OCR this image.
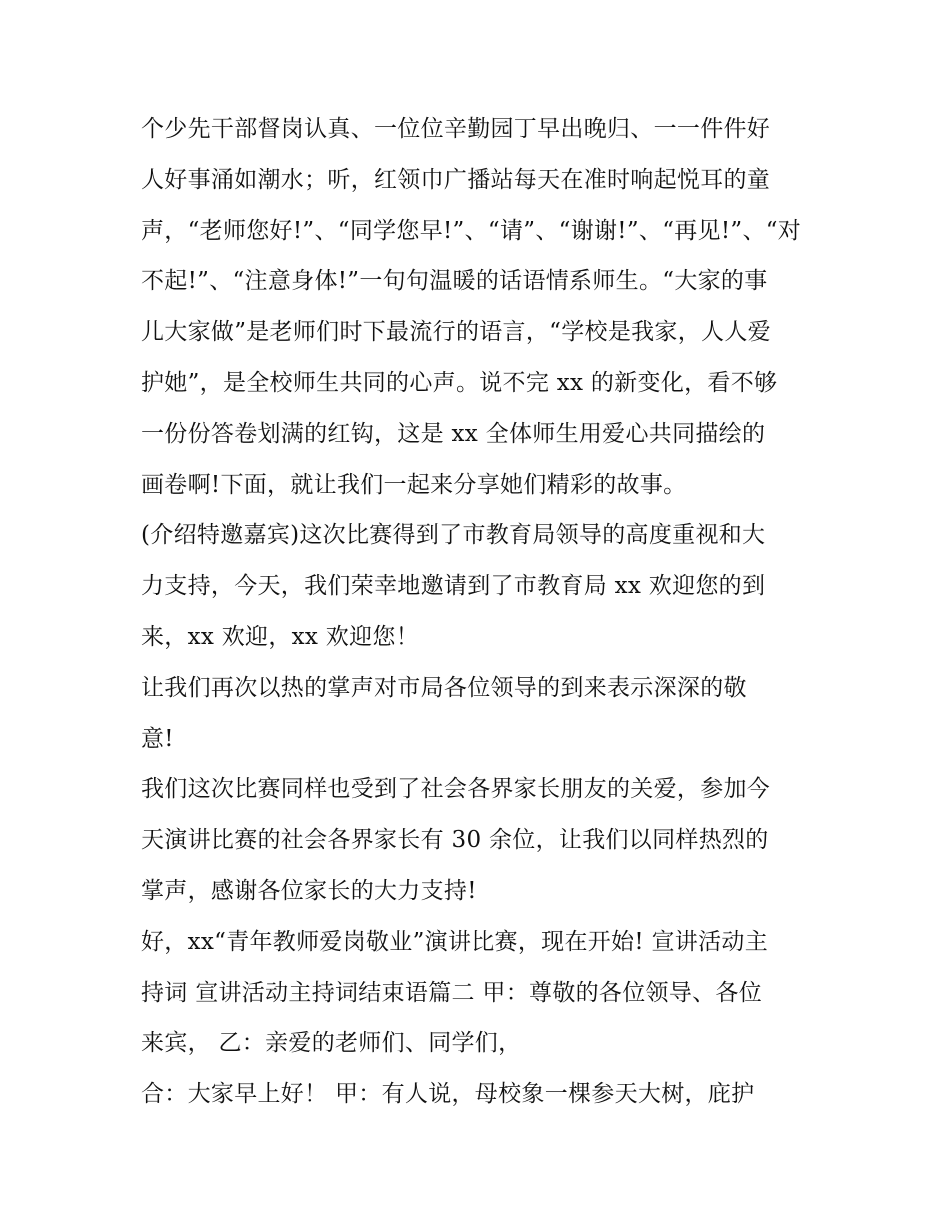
个少先干部督岗认真、一位位辛勤园丁早出晚归、一一件件好
人好事涌如潮水；听，红领巾广播站每天在准时响起悦耳的童
声，“老师您好!”、“同学您早!”、“请”、“谢谢!”、“再见!”、“对
不起!”、“注意身体!”一句句温暖的话语情系师生。“大家的事
儿大家做”是老师们时下最流行的语言，“学校是我家，人人爱
护她”，是全校师生共同的心声。说不完 xx 的新变化，看不够
一份份答卷划满的红钩，这是 xx 全体师生用爱心共同描绘的
画卷啊!下面，就让我们一起来分享她们精彩的故事。
(介绍特邀嘉宾)这次比赛得到了市教育局领导的高度重视和大
力支持，今天，我们荣幸地邀请到了市教育局 xx 欢迎您的到
来，xx 欢迎，xx 欢迎您！
让我们再次以热的掌声对市局各位领导的到来表示深深的敬
意!
我们这次比赛同样也受到了社会各界家长朋友的关爱，参加今
天演讲比赛的社会各界家长有 30 余位，让我们以同样热烈的
掌声，感谢各位家长的大力支持!
好，xx“青年教师爱岗敬业”演讲比赛，现在开始! 宣讲活动主
持词 宣讲活动主持词结束语篇二 甲：尊敬的各位领导、各位
来宾， 乙：亲爱的老师们、同学们，
合：大家早上好！ 甲：有人说，母校象一棵参天大树，庇护
